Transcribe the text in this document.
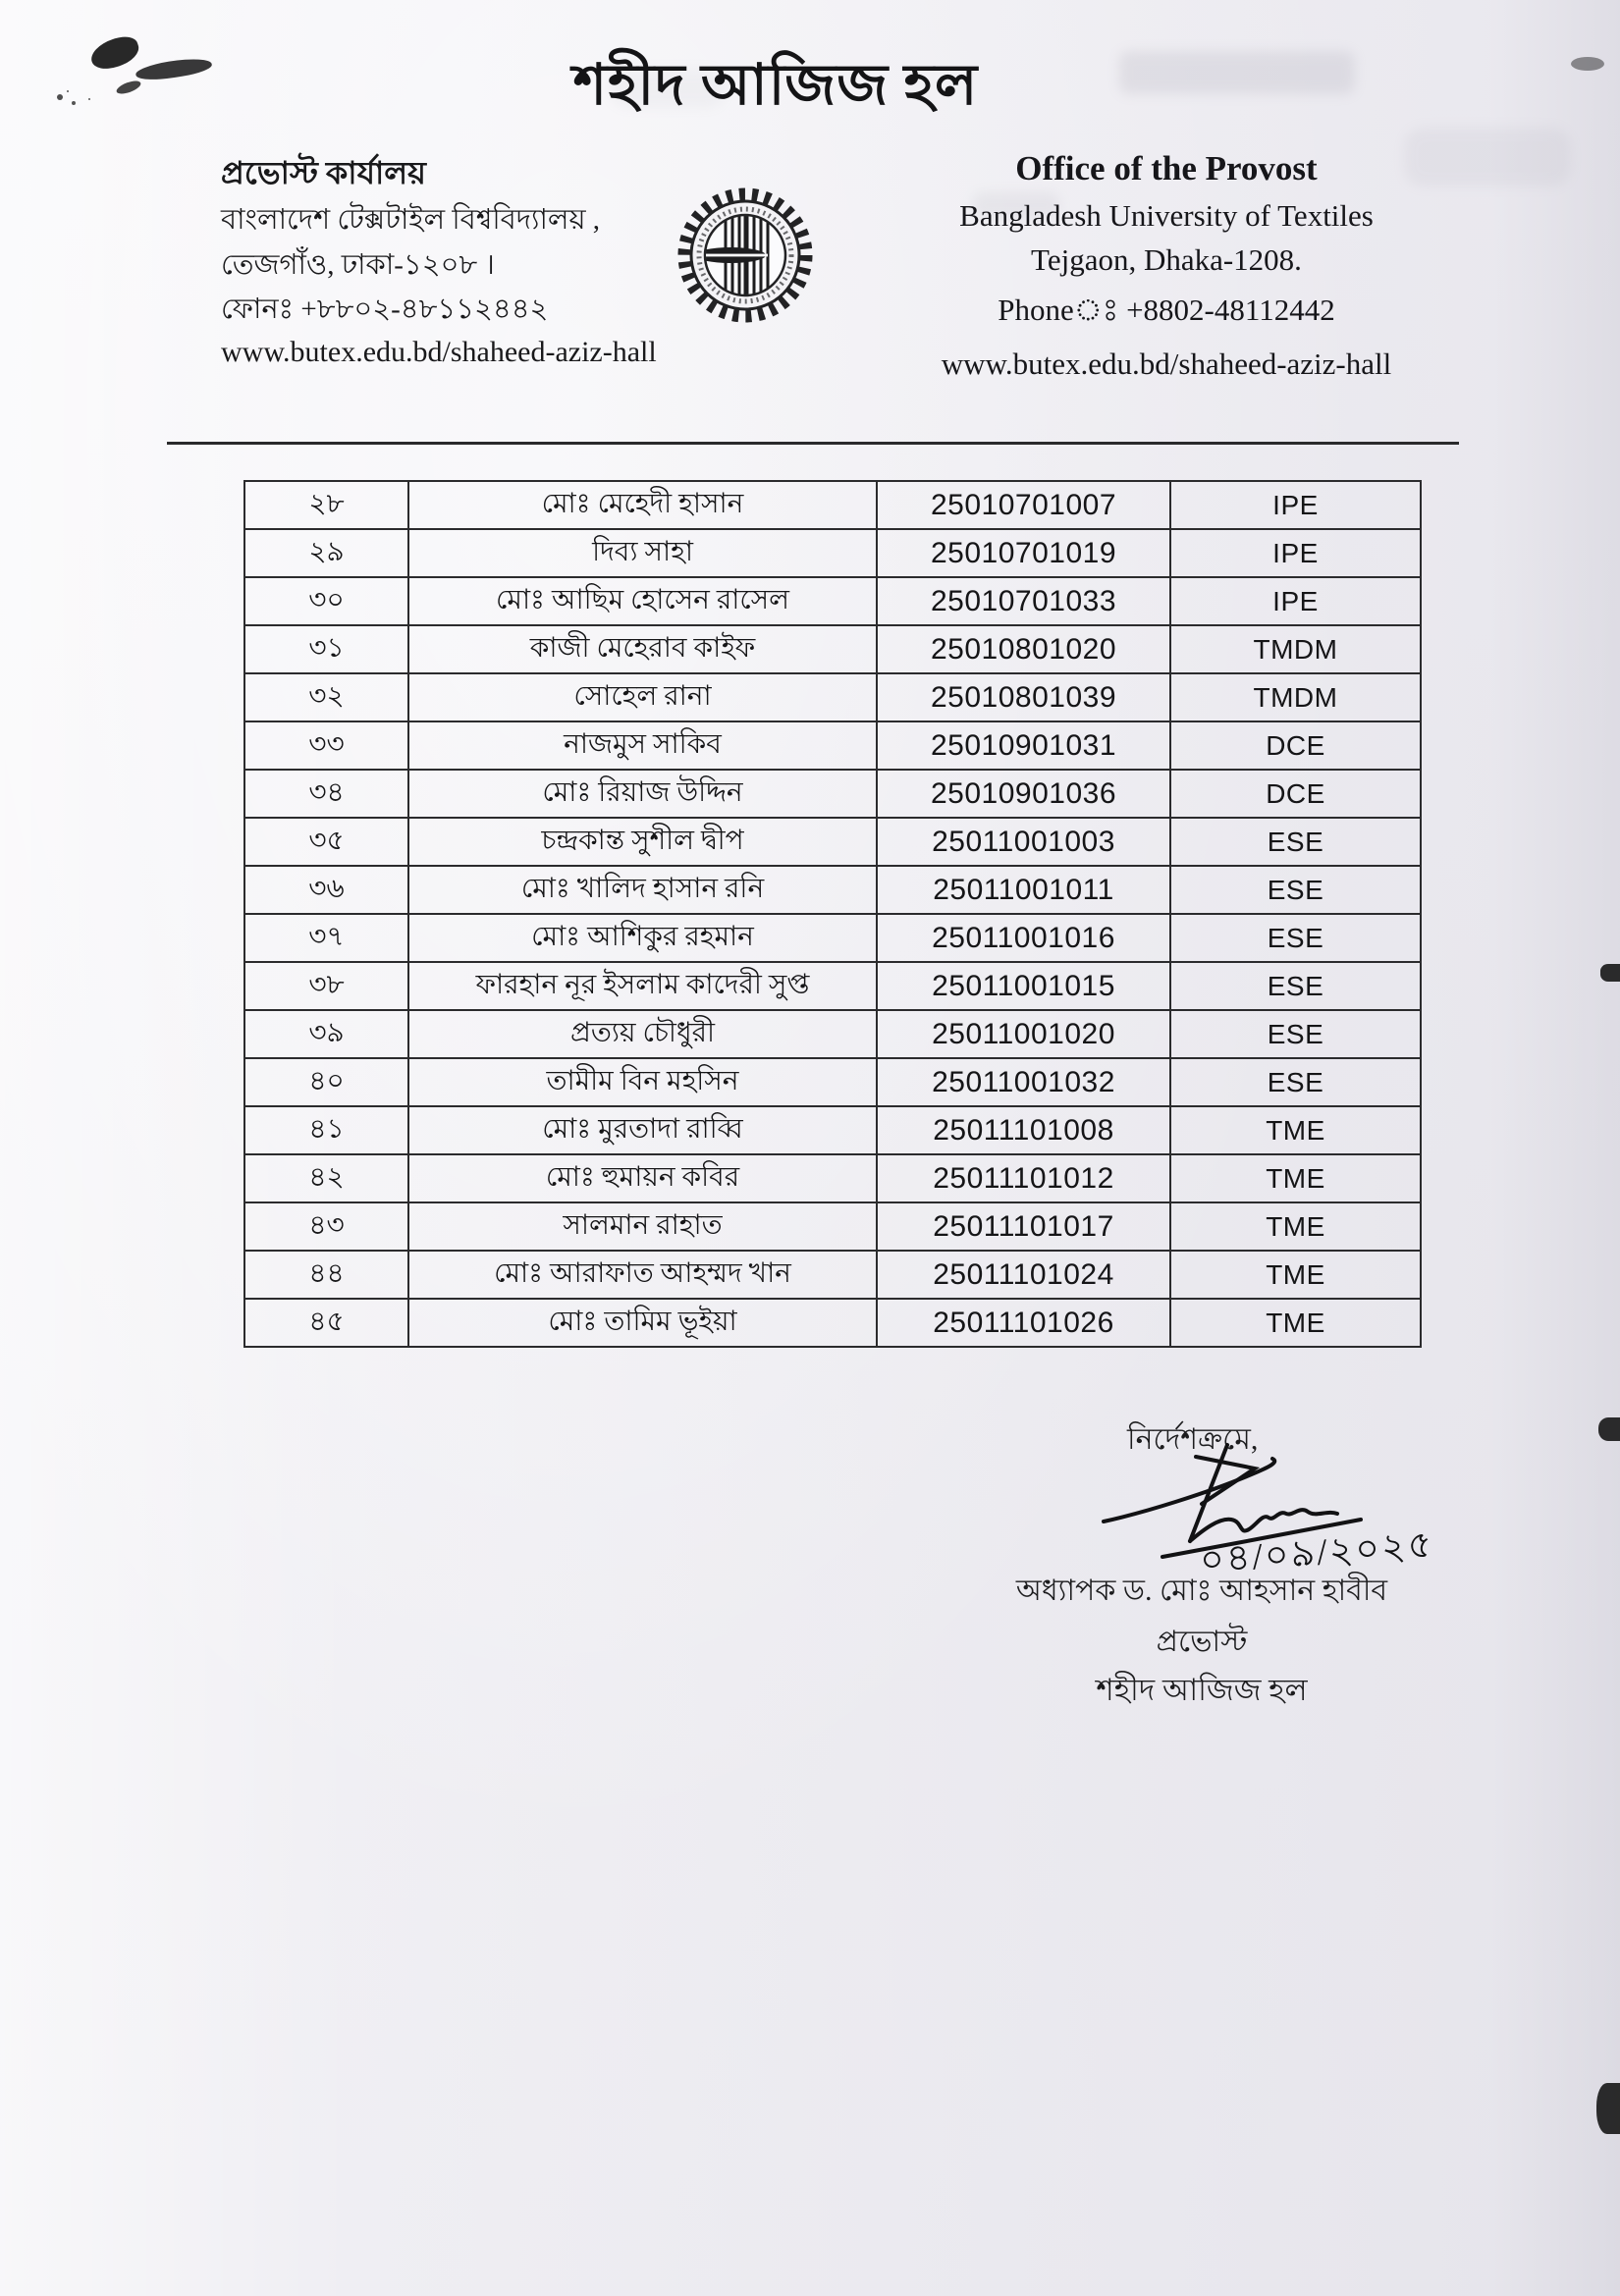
শহীদ আজিজ হল
প্রভোস্ট কার্যালয়
বাংলাদেশ টেক্সটাইল বিশ্ববিদ্যালয় ,
তেজগাঁও, ঢাকা-১২০৮ ।
ফোনঃ +৮৮০২-৪৮১১২৪৪২
www.butex.edu.bd/shaheed-aziz-hall
Office of the Provost
Bangladesh University of Textiles
Tejgaon, Dhaka-1208.
Phoneঃ +8802-48112442
www.butex.edu.bd/shaheed-aziz-hall
২৮	মোঃ মেহেদী হাসান	25010701007	IPE
২৯	দিব্য সাহা	25010701019	IPE
৩০	মোঃ আছিম হোসেন রাসেল	25010701033	IPE
৩১	কাজী মেহেরাব কাইফ	25010801020	TMDM
৩২	সোহেল রানা	25010801039	TMDM
৩৩	নাজমুস সাকিব	25010901031	DCE
৩৪	মোঃ রিয়াজ উদ্দিন	25010901036	DCE
৩৫	চন্দ্রকান্ত সুশীল দ্বীপ	25011001003	ESE
৩৬	মোঃ খালিদ হাসান রনি	25011001011	ESE
৩৭	মোঃ আশিকুর রহমান	25011001016	ESE
৩৮	ফারহান নূর ইসলাম কাদেরী সুপ্ত	25011001015	ESE
৩৯	প্রত্যয় চৌধুরী	25011001020	ESE
৪০	তামীম বিন মহসিন	25011001032	ESE
৪১	মোঃ মুরতাদা রাব্বি	25011101008	TME
৪২	মোঃ হুমায়ন কবির	25011101012	TME
৪৩	সালমান রাহাত	25011101017	TME
৪৪	মোঃ আরাফাত আহম্মদ খান	25011101024	TME
৪৫	মোঃ তামিম ভূইয়া	25011101026	TME
নির্দেশক্রমে,
০৪/০৯/২০২৫
অধ্যাপক ড. মোঃ আহসান হাবীব
প্রভোস্ট
শহীদ আজিজ হল
